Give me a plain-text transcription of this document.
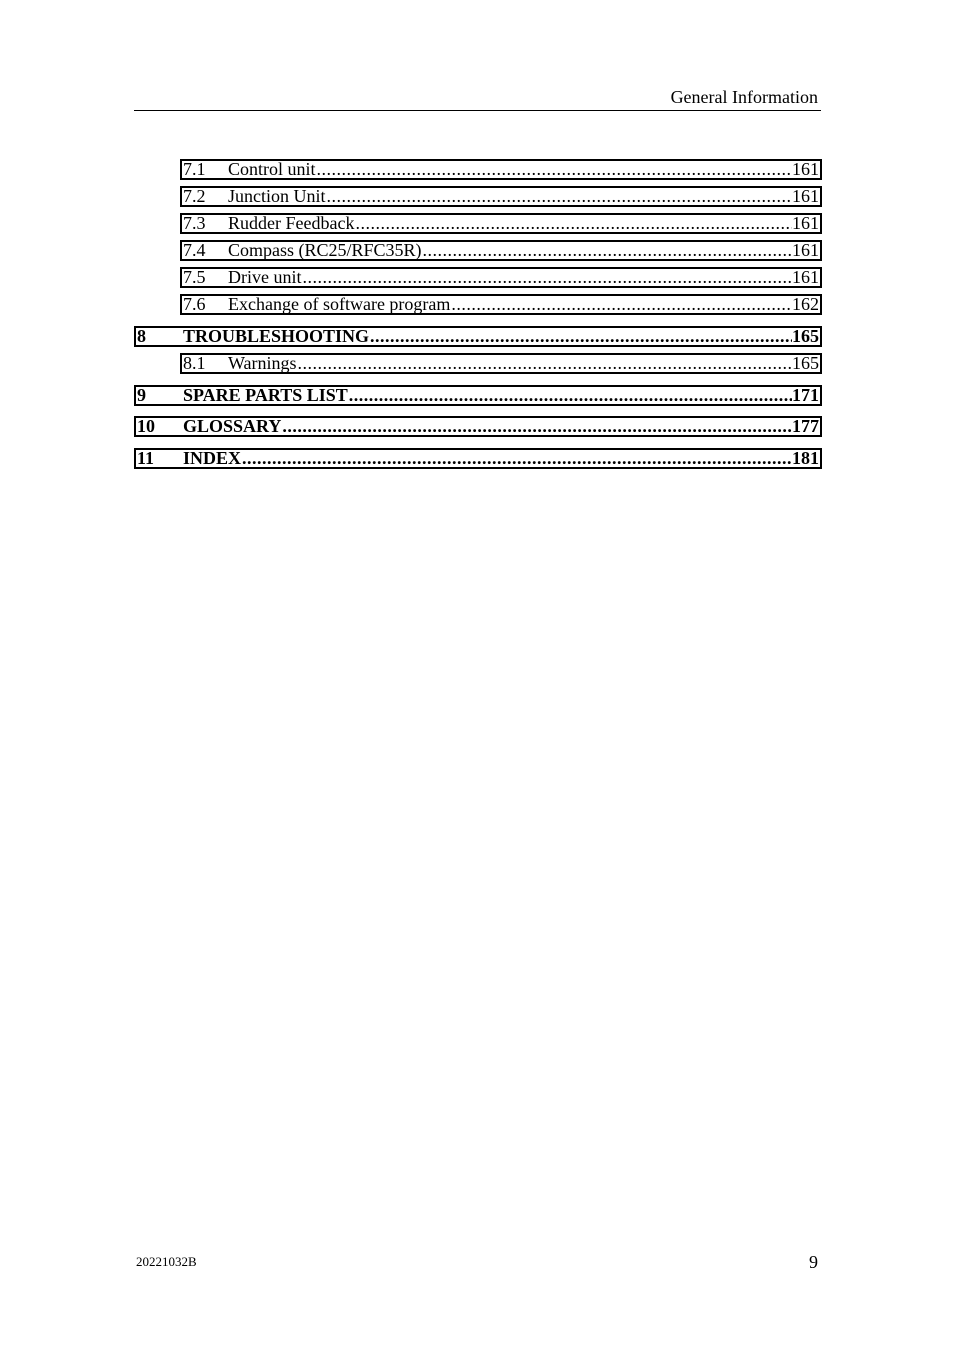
General Information
7.1	Control unit .....	161
7.2	Junction Unit .....	161
7.3	Rudder Feedback .....	161
7.4	Compass (RC25/RFC35R) .....	161
7.5	Drive unit .....	161
7.6	Exchange of software program .....	162
8	TROUBLESHOOTING .....	165
8.1	Warnings .....	165
9	SPARE PARTS LIST .....	171
10	GLOSSARY .....	177
11	INDEX .....	181
20221032B	9
